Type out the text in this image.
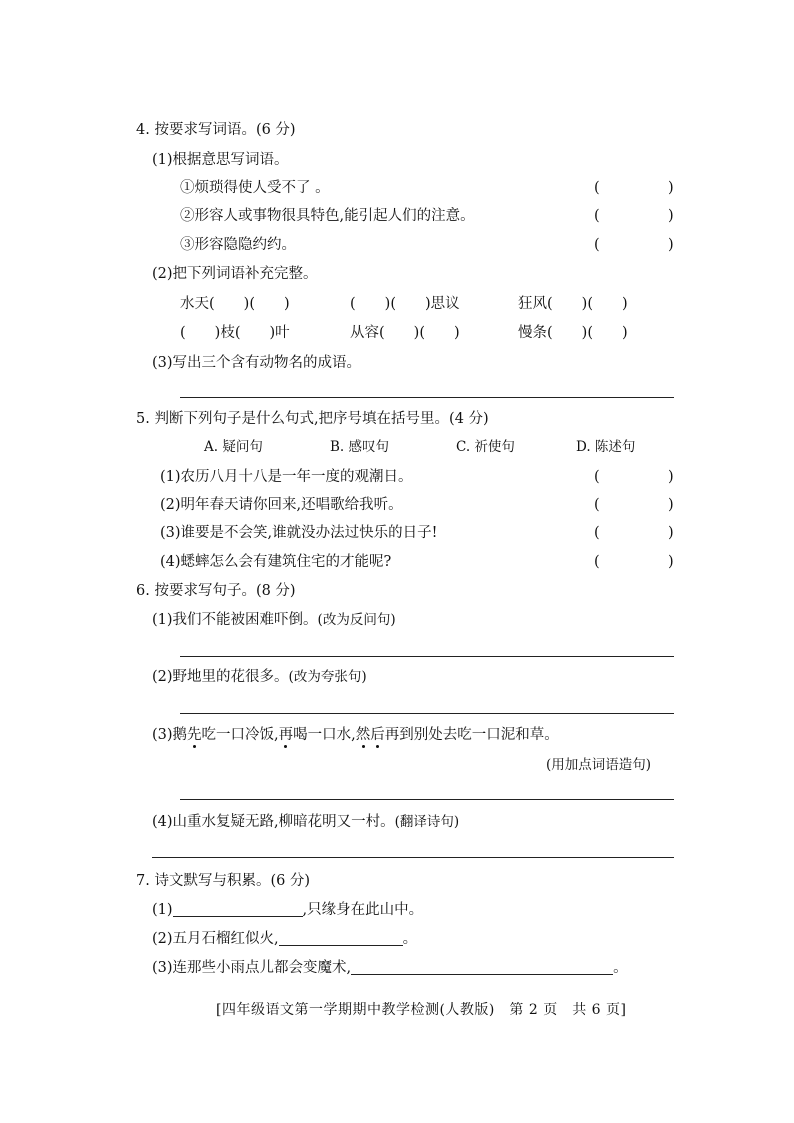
4. 按要求写词语。(6 分)
(1)根据意思写词语。
①烦琐得使人受不了 。	(	)
②形容人或事物很具特色,能引起人们的注意。	(	)
③形容隐隐约约。	(	)
(2)把下列词语补充完整。
水天(　　)(　　)	(　　)(　　)思议	狂风(　　)(　　)
(　　)枝(　　)叶	从容(　　)(　　)	慢条(　　)(　　)
(3)写出三个含有动物名的成语。
5. 判断下列句子是什么句式,把序号填在括号里。(4 分)
A. 疑问句	B. 感叹句	C. 祈使句	D. 陈述句
(1)农历八月十八是一年一度的观潮日。	(	)
(2)明年春天请你回来,还唱歌给我听。	(	)
(3)谁要是不会笑,谁就没办法过快乐的日子!	(	)
(4)蟋蟀怎么会有建筑住宅的才能呢?	(	)
6. 按要求写句子。(8 分)
(1)我们不能被困难吓倒。(改为反问句)
(2)野地里的花很多。(改为夸张句)
(3)鹅先吃一口冷饭,再喝一口水,然后再到别处去吃一口泥和草。
(用加点词语造句)
(4)山重水复疑无路,柳暗花明又一村。(翻译诗句)
7. 诗文默写与积累。(6 分)
(1)	,只缘身在此山中。
(2)五月石榴红似火,	。
(3)连那些小雨点儿都会变魔术,	。
[四年级语文第一学期期中教学检测(人教版)　第 2 页　共 6 页]
